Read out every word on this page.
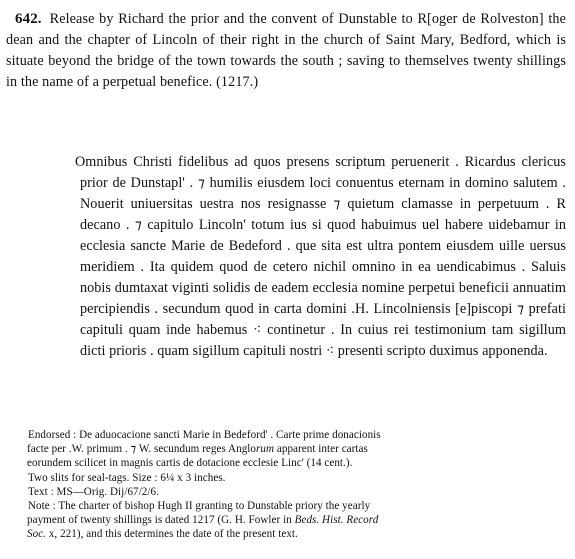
642. Release by Richard the prior and the convent of Dunstable to R[oger de Rolveston] the dean and the chapter of Lincoln of their right in the church of Saint Mary, Bedford, which is situate beyond the bridge of the town towards the south ; saving to themselves twenty shillings in the name of a perpetual benefice. (1217.)

Omnibus Christi fidelibus ad quos presens scriptum peruenerit . Ricardus clericus prior de Dunstapl' . ⁊ humilis eiusdem loci conuentus eternam in domino salutem . Nouerit uniuersitas uestra nos resignasse ⁊ quietum clamasse in perpetuum . R decano . ⁊ capitulo Lincoln' totum ius si quod habuimus uel habere uidebamur in ecclesia sancte Marie de Bedeford . que sita est ultra pontem eiusdem uille uersus meridiem . Ita quidem quod de cetero nichil omnino in ea uendicabimus . Saluis nobis dumtaxat viginti solidis de eadem ecclesia nomine perpetui beneficii annuatim percipiendis . secundum quod in carta domini .H. Lincolniensis [e]piscopi ⁊ prefati capituli quam inde habemus ⁖ continetur . In cuius rei testimonium tam sigillum dicti prioris . quam sigillum capituli nostri ⁖ presenti scripto duximus apponenda.

Endorsed : De aduocacione sancti Marie in Bedeford' . Carte prime donacionis
facte per .W. primum . ⁊ W. secundum reges Anglorum apparent inter cartas
eorundem scilicet in magnis cartis de dotacione ecclesie Linc' (14 cent.).
Two slits for seal-tags. Size : 6¼ x 3 inches.
Text : MS—Orig. Dij/67/2/6.
Note : The charter of bishop Hugh II granting to Dunstable priory the yearly
payment of twenty shillings is dated 1217 (G. H. Fowler in Beds. Hist. Record
Soc. x, 221), and this determines the date of the present text.
